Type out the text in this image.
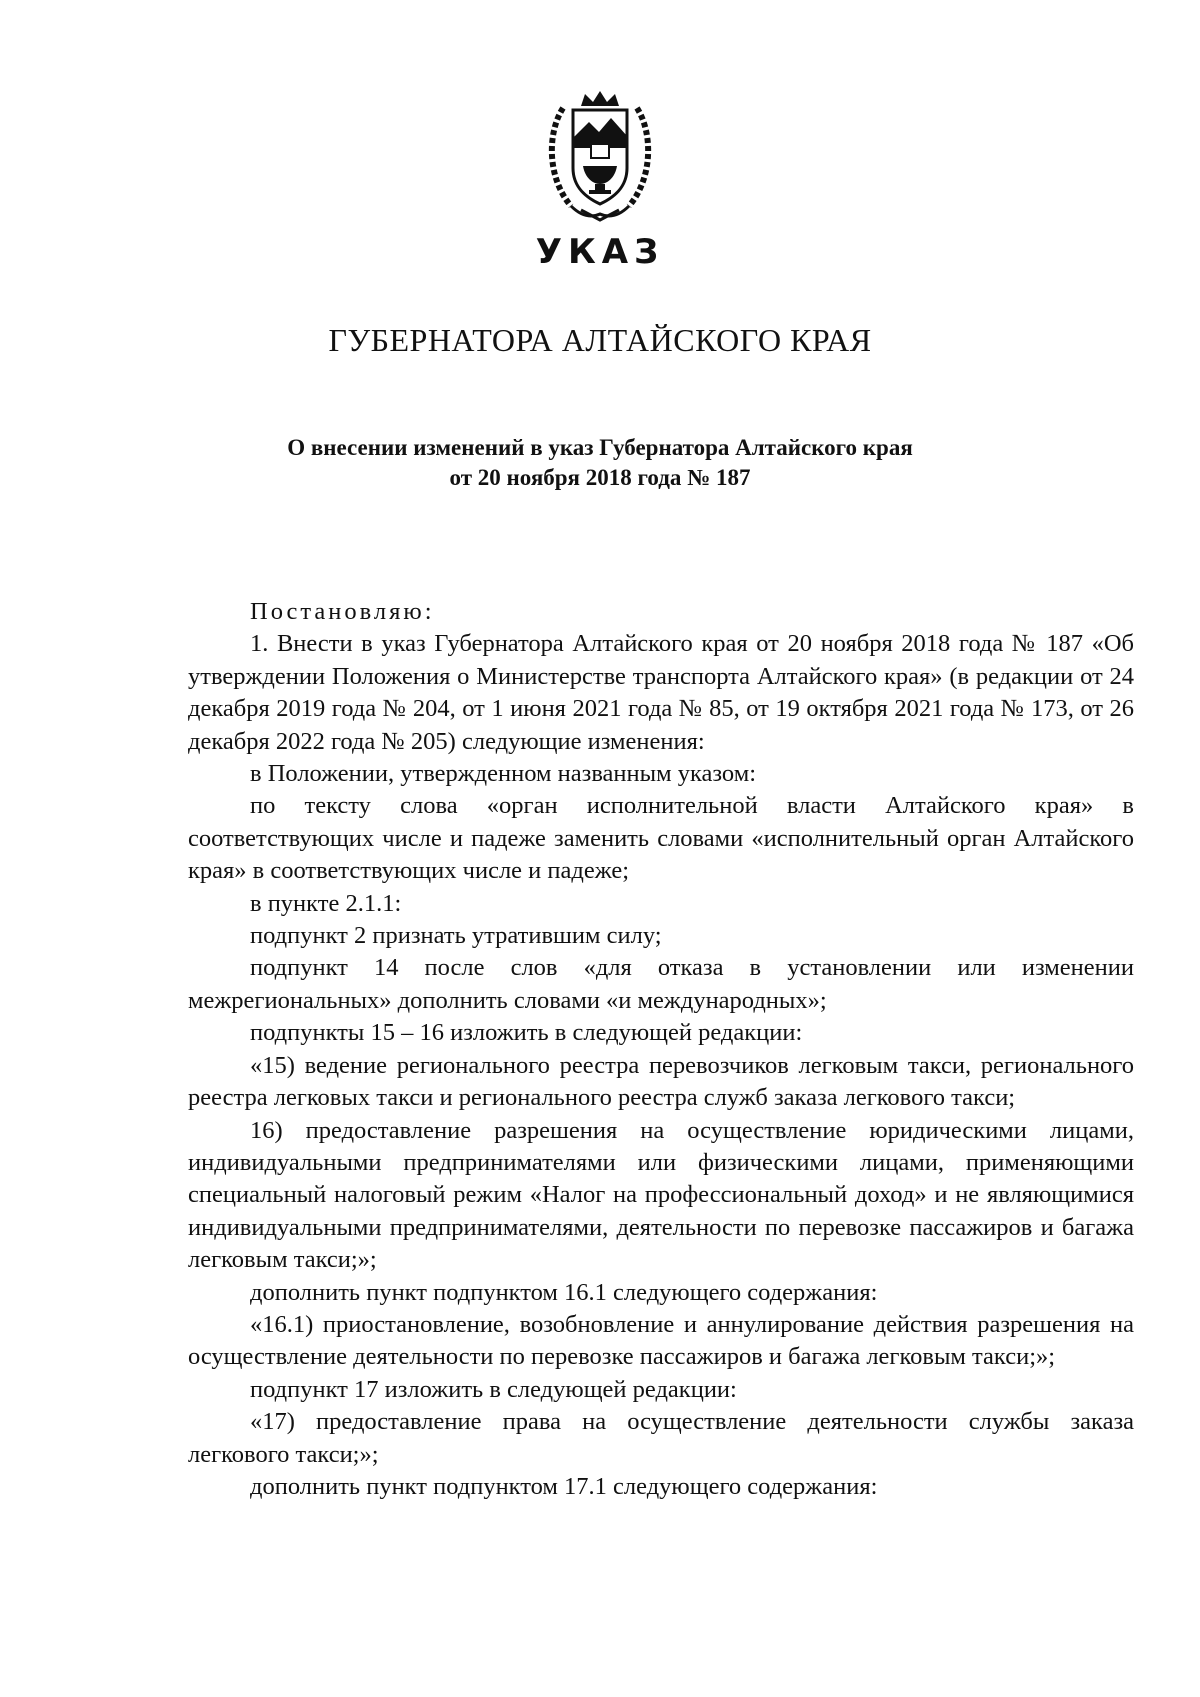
УКАЗ
ГУБЕРНАТОРА АЛТАЙСКОГО КРАЯ
О внесении изменений в указ Губернатора Алтайского края
от 20 ноября 2018 года № 187

Постановляю:

1. Внести в указ Губернатора Алтайского края от 20 ноября 2018 года № 187 «Об утверждении Положения о Министерстве транспорта Алтайского края» (в редакции от 24 декабря 2019 года № 204, от 1 июня 2021 года № 85, от 19 октября 2021 года № 173, от 26 декабря 2022 года № 205) следующие изменения:

в Положении, утвержденном названным указом:

по тексту слова «орган исполнительной власти Алтайского края» в соответствующих числе и падеже заменить словами «исполнительный орган Алтайского края» в соответствующих числе и падеже;

в пункте 2.1.1:

подпункт 2 признать утратившим силу;

подпункт 14 после слов «для отказа в установлении или изменении межрегиональных» дополнить словами «и международных»;

подпункты 15 – 16 изложить в следующей редакции:

«15) ведение регионального реестра перевозчиков легковым такси, регионального реестра легковых такси и регионального реестра служб заказа легкового такси;

16) предоставление разрешения на осуществление юридическими лицами, индивидуальными предпринимателями или физическими лицами, применяющими специальный налоговый режим «Налог на профессиональный доход» и не являющимися индивидуальными предпринимателями, деятельности по перевозке пассажиров и багажа легковым такси;»;

дополнить пункт подпунктом 16.1 следующего содержания:

«16.1) приостановление, возобновление и аннулирование действия разрешения на осуществление деятельности по перевозке пассажиров и багажа легковым такси;»;

подпункт 17 изложить в следующей редакции:

«17) предоставление права на осуществление деятельности службы заказа легкового такси;»;

дополнить пункт подпунктом 17.1 следующего содержания:
